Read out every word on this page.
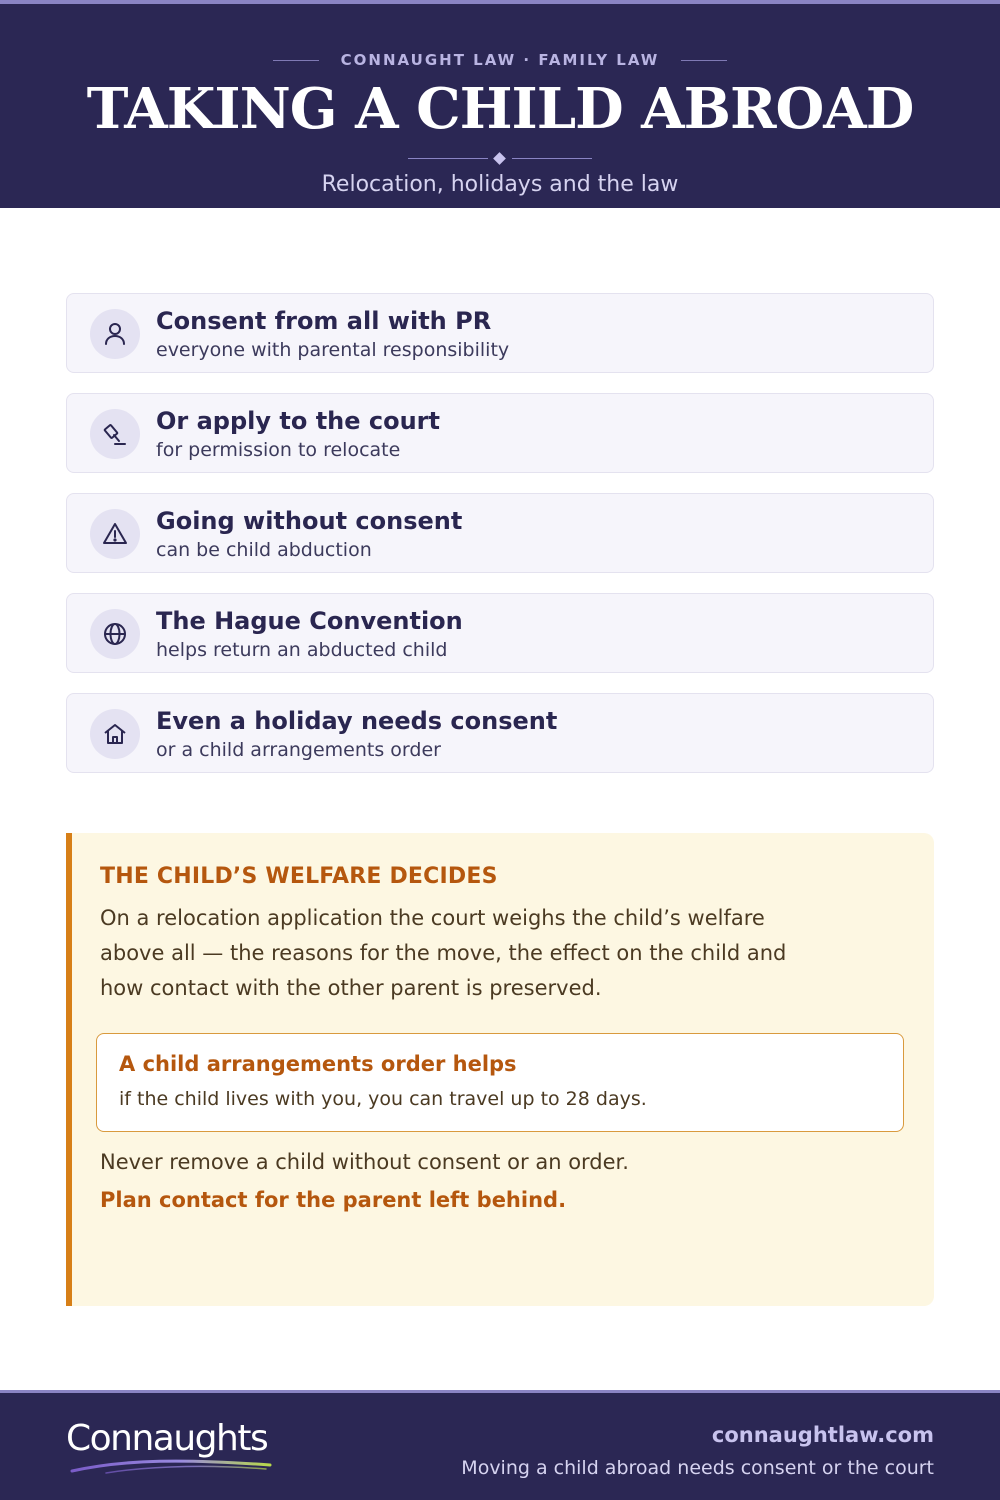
CONNAUGHT LAW · FAMILY LAW
TAKING A CHILD ABROAD
Relocation, holidays and the law
Consent from all with PR
everyone with parental responsibility
Or apply to the court
for permission to relocate
Going without consent
can be child abduction
The Hague Convention
helps return an abducted child
Even a holiday needs consent
or a child arrangements order
THE CHILD’S WELFARE DECIDES
On a relocation application the court weighs the child’s welfare above all — the reasons for the move, the effect on the child and how contact with the other parent is preserved.
A child arrangements order helps
if the child lives with you, you can travel up to 28 days.
Never remove a child without consent or an order.
Plan contact for the parent left behind.
Connaughts	connaughtlaw.com
Moving a child abroad needs consent or the court
